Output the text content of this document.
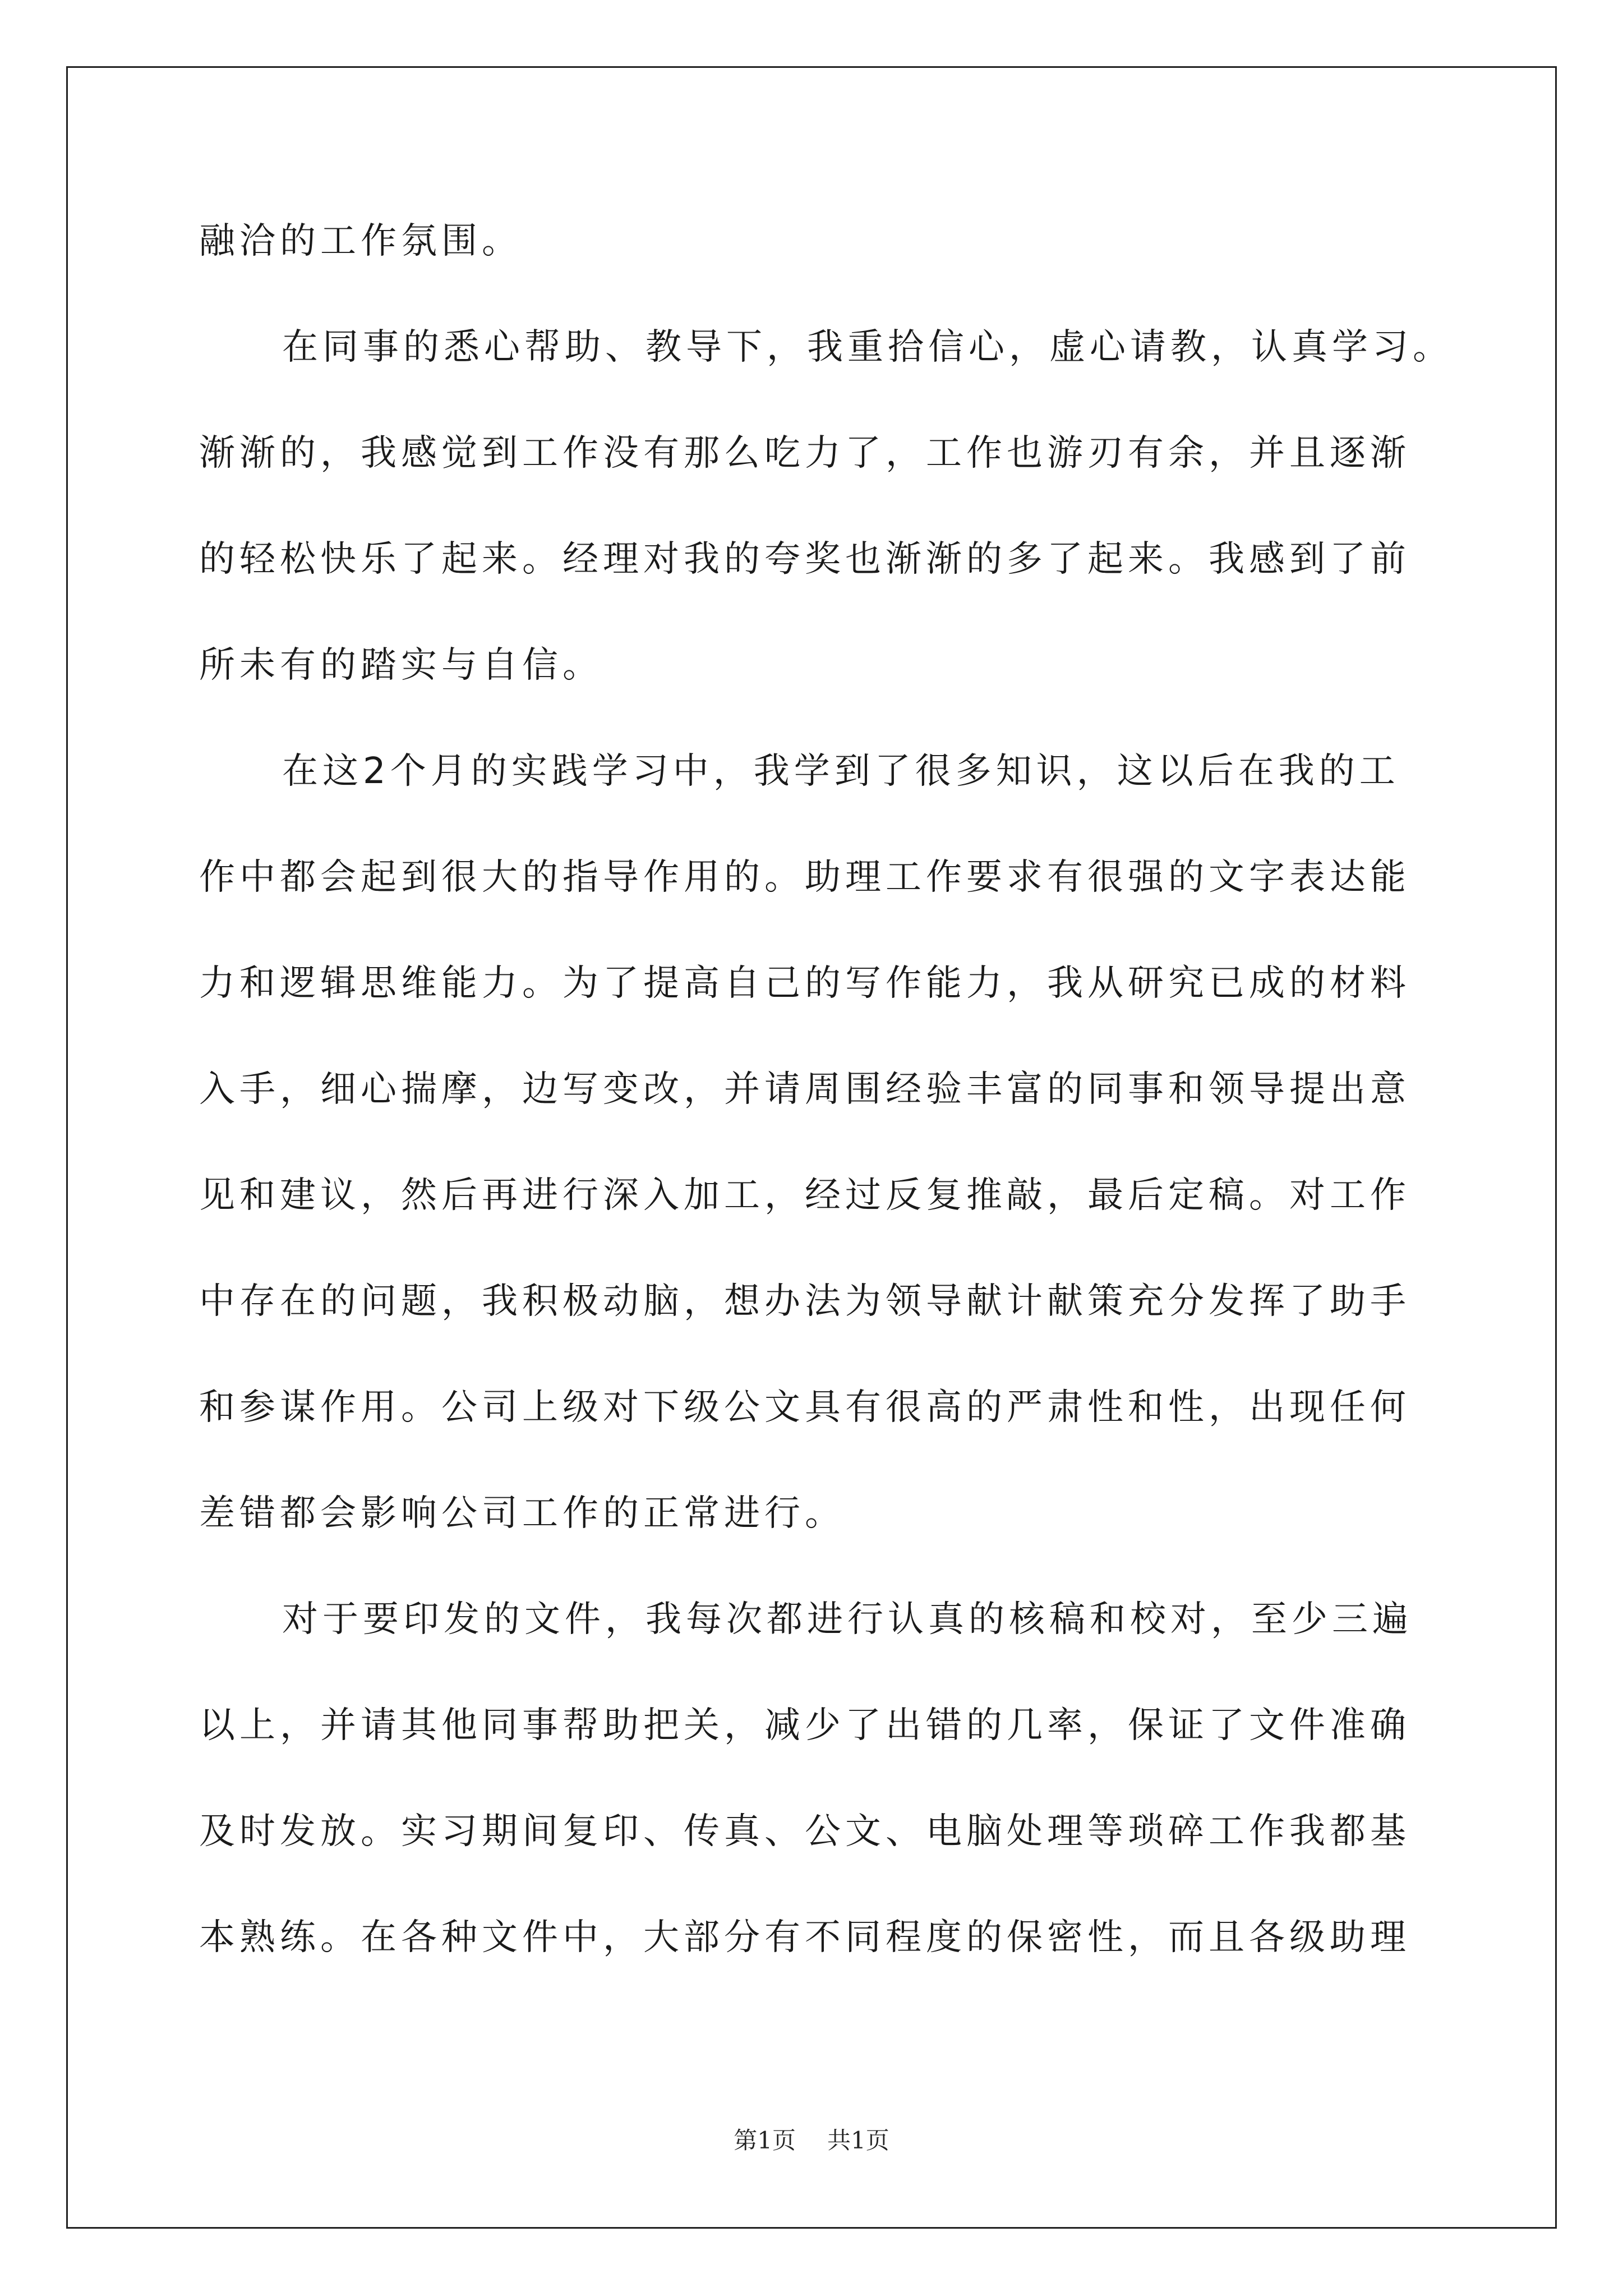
融洽的工作氛围。
在同事的悉心帮助、教导下，我重拾信心，虚心请教，认真学习。
渐渐的，我感觉到工作没有那么吃力了，工作也游刃有余，并且逐渐
的轻松快乐了起来。经理对我的夸奖也渐渐的多了起来。我感到了前
所未有的踏实与自信。
在这2个月的实践学习中，我学到了很多知识，这以后在我的工
作中都会起到很大的指导作用的。助理工作要求有很强的文字表达能
力和逻辑思维能力。为了提高自己的写作能力，我从研究已成的材料
入手，细心揣摩，边写变改，并请周围经验丰富的同事和领导提出意
见和建议，然后再进行深入加工，经过反复推敲，最后定稿。对工作
中存在的问题，我积极动脑，想办法为领导献计献策充分发挥了助手
和参谋作用。公司上级对下级公文具有很高的严肃性和性，出现任何
差错都会影响公司工作的正常进行。
对于要印发的文件，我每次都进行认真的核稿和校对，至少三遍
以上，并请其他同事帮助把关，减少了出错的几率，保证了文件准确
及时发放。实习期间复印、传真、公文、电脑处理等琐碎工作我都基
本熟练。在各种文件中，大部分有不同程度的保密性，而且各级助理
第1页 共1页
